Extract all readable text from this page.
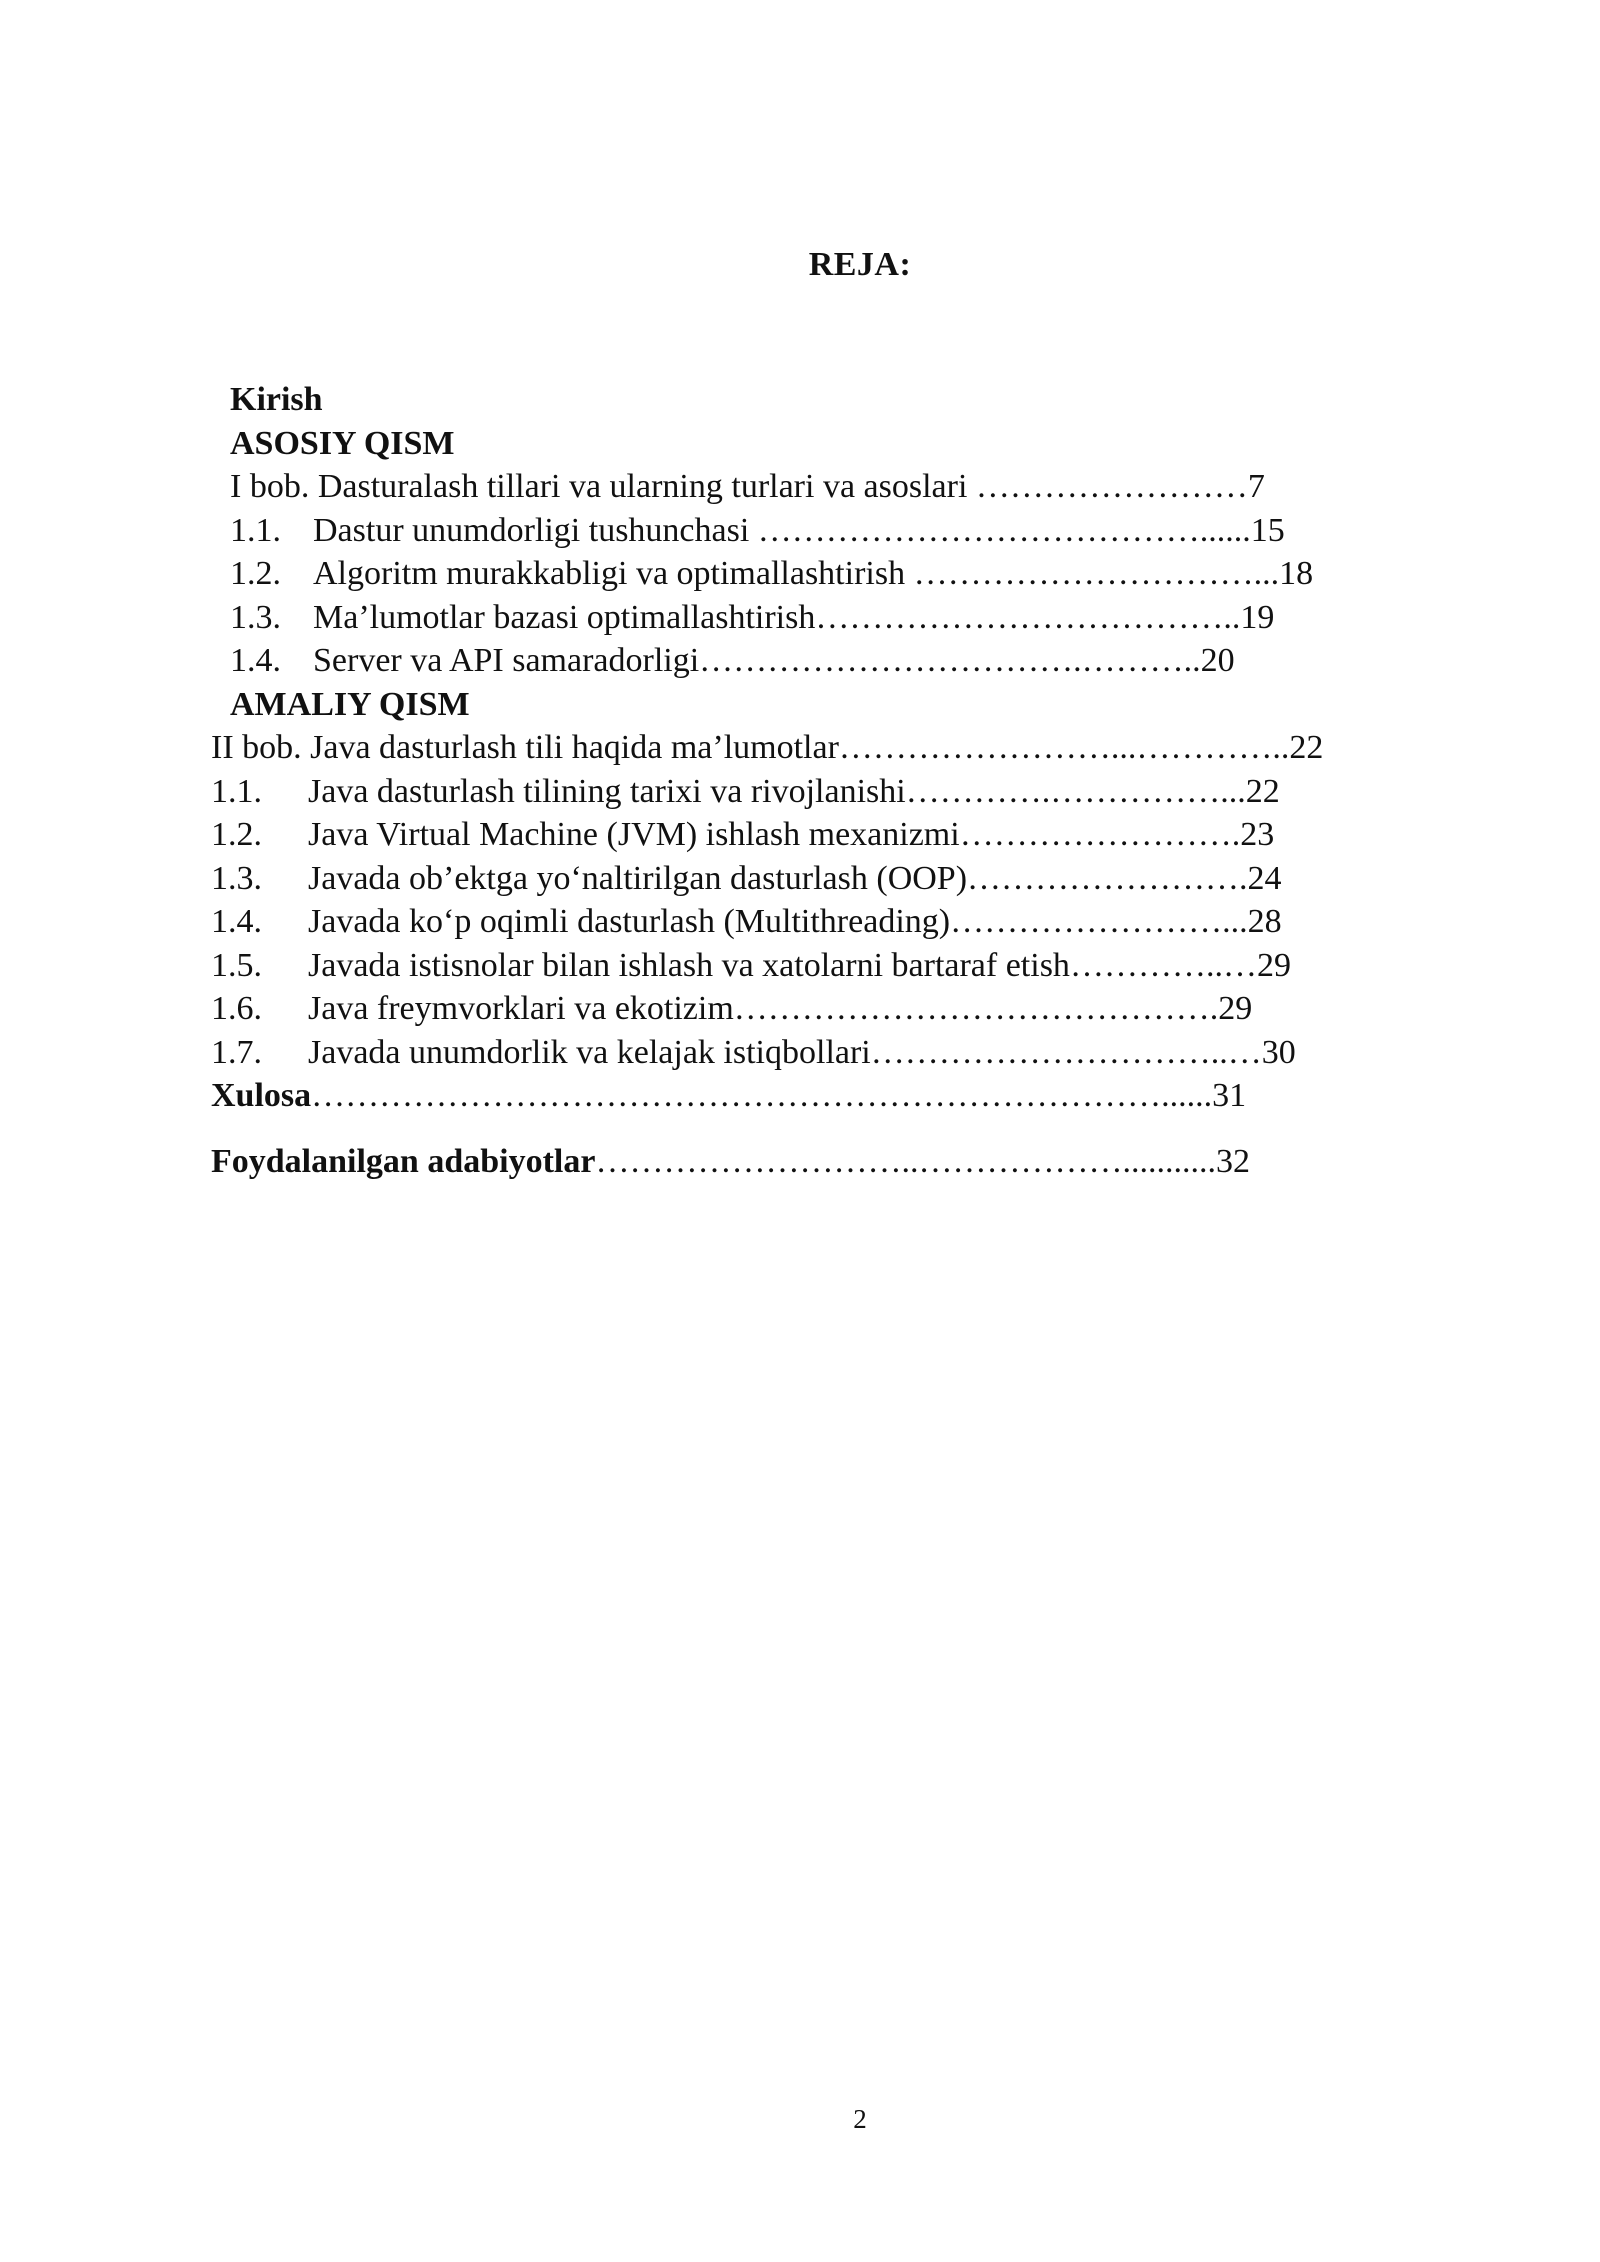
REJA:
Kirish
ASOSIY QISM
I bob. Dasturalash tillari va ularning turlari va asoslari ……………………7
1.1. Dastur unumdorligi tushunchasi …………………………………......15
1.2. Algoritm murakkabligi va optimallashtirish …………………………...18
1.3. Ma’lumotlar bazasi optimallashtirish………………………………..19
1.4. Server va API samaradorligi…………………………….………..20
AMALIY QISM
II bob. Java dasturlash tili haqida ma’lumotlar……………………...…………..22
1.1. Java dasturlash tilining tarixi va rivojlanishi………….……………...22
1.2. Java Virtual Machine (JVM) ishlash mexanizmi…………………….23
1.3. Javada ob’ektga yo‘naltirilgan dasturlash (OOP)…………………….24
1.4. Javada ko‘p oqimli dasturlash (Multithreading)……………………...28
1.5. Javada istisnolar bilan ishlash va xatolarni bartaraf etish…………..…29
1.6. Java freymvorklari va ekotizim…………………………………….29
1.7. Javada unumdorlik va kelajak istiqbollari…………………………..…30
Xulosa…………………………………………………………………......31
Foydalanilgan adabiyotlar………………………..………………...........32
2
